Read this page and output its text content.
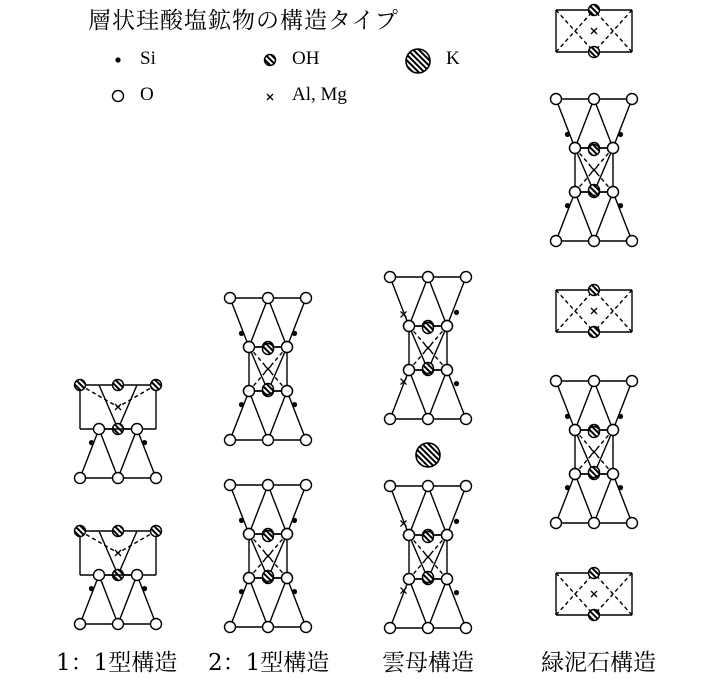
層状珪酸塩鉱物の構造タイプ
Si
O
OH
Al, Mg
K
1：1型構造 2：1型構造 雲母構造	緑泥石構造
